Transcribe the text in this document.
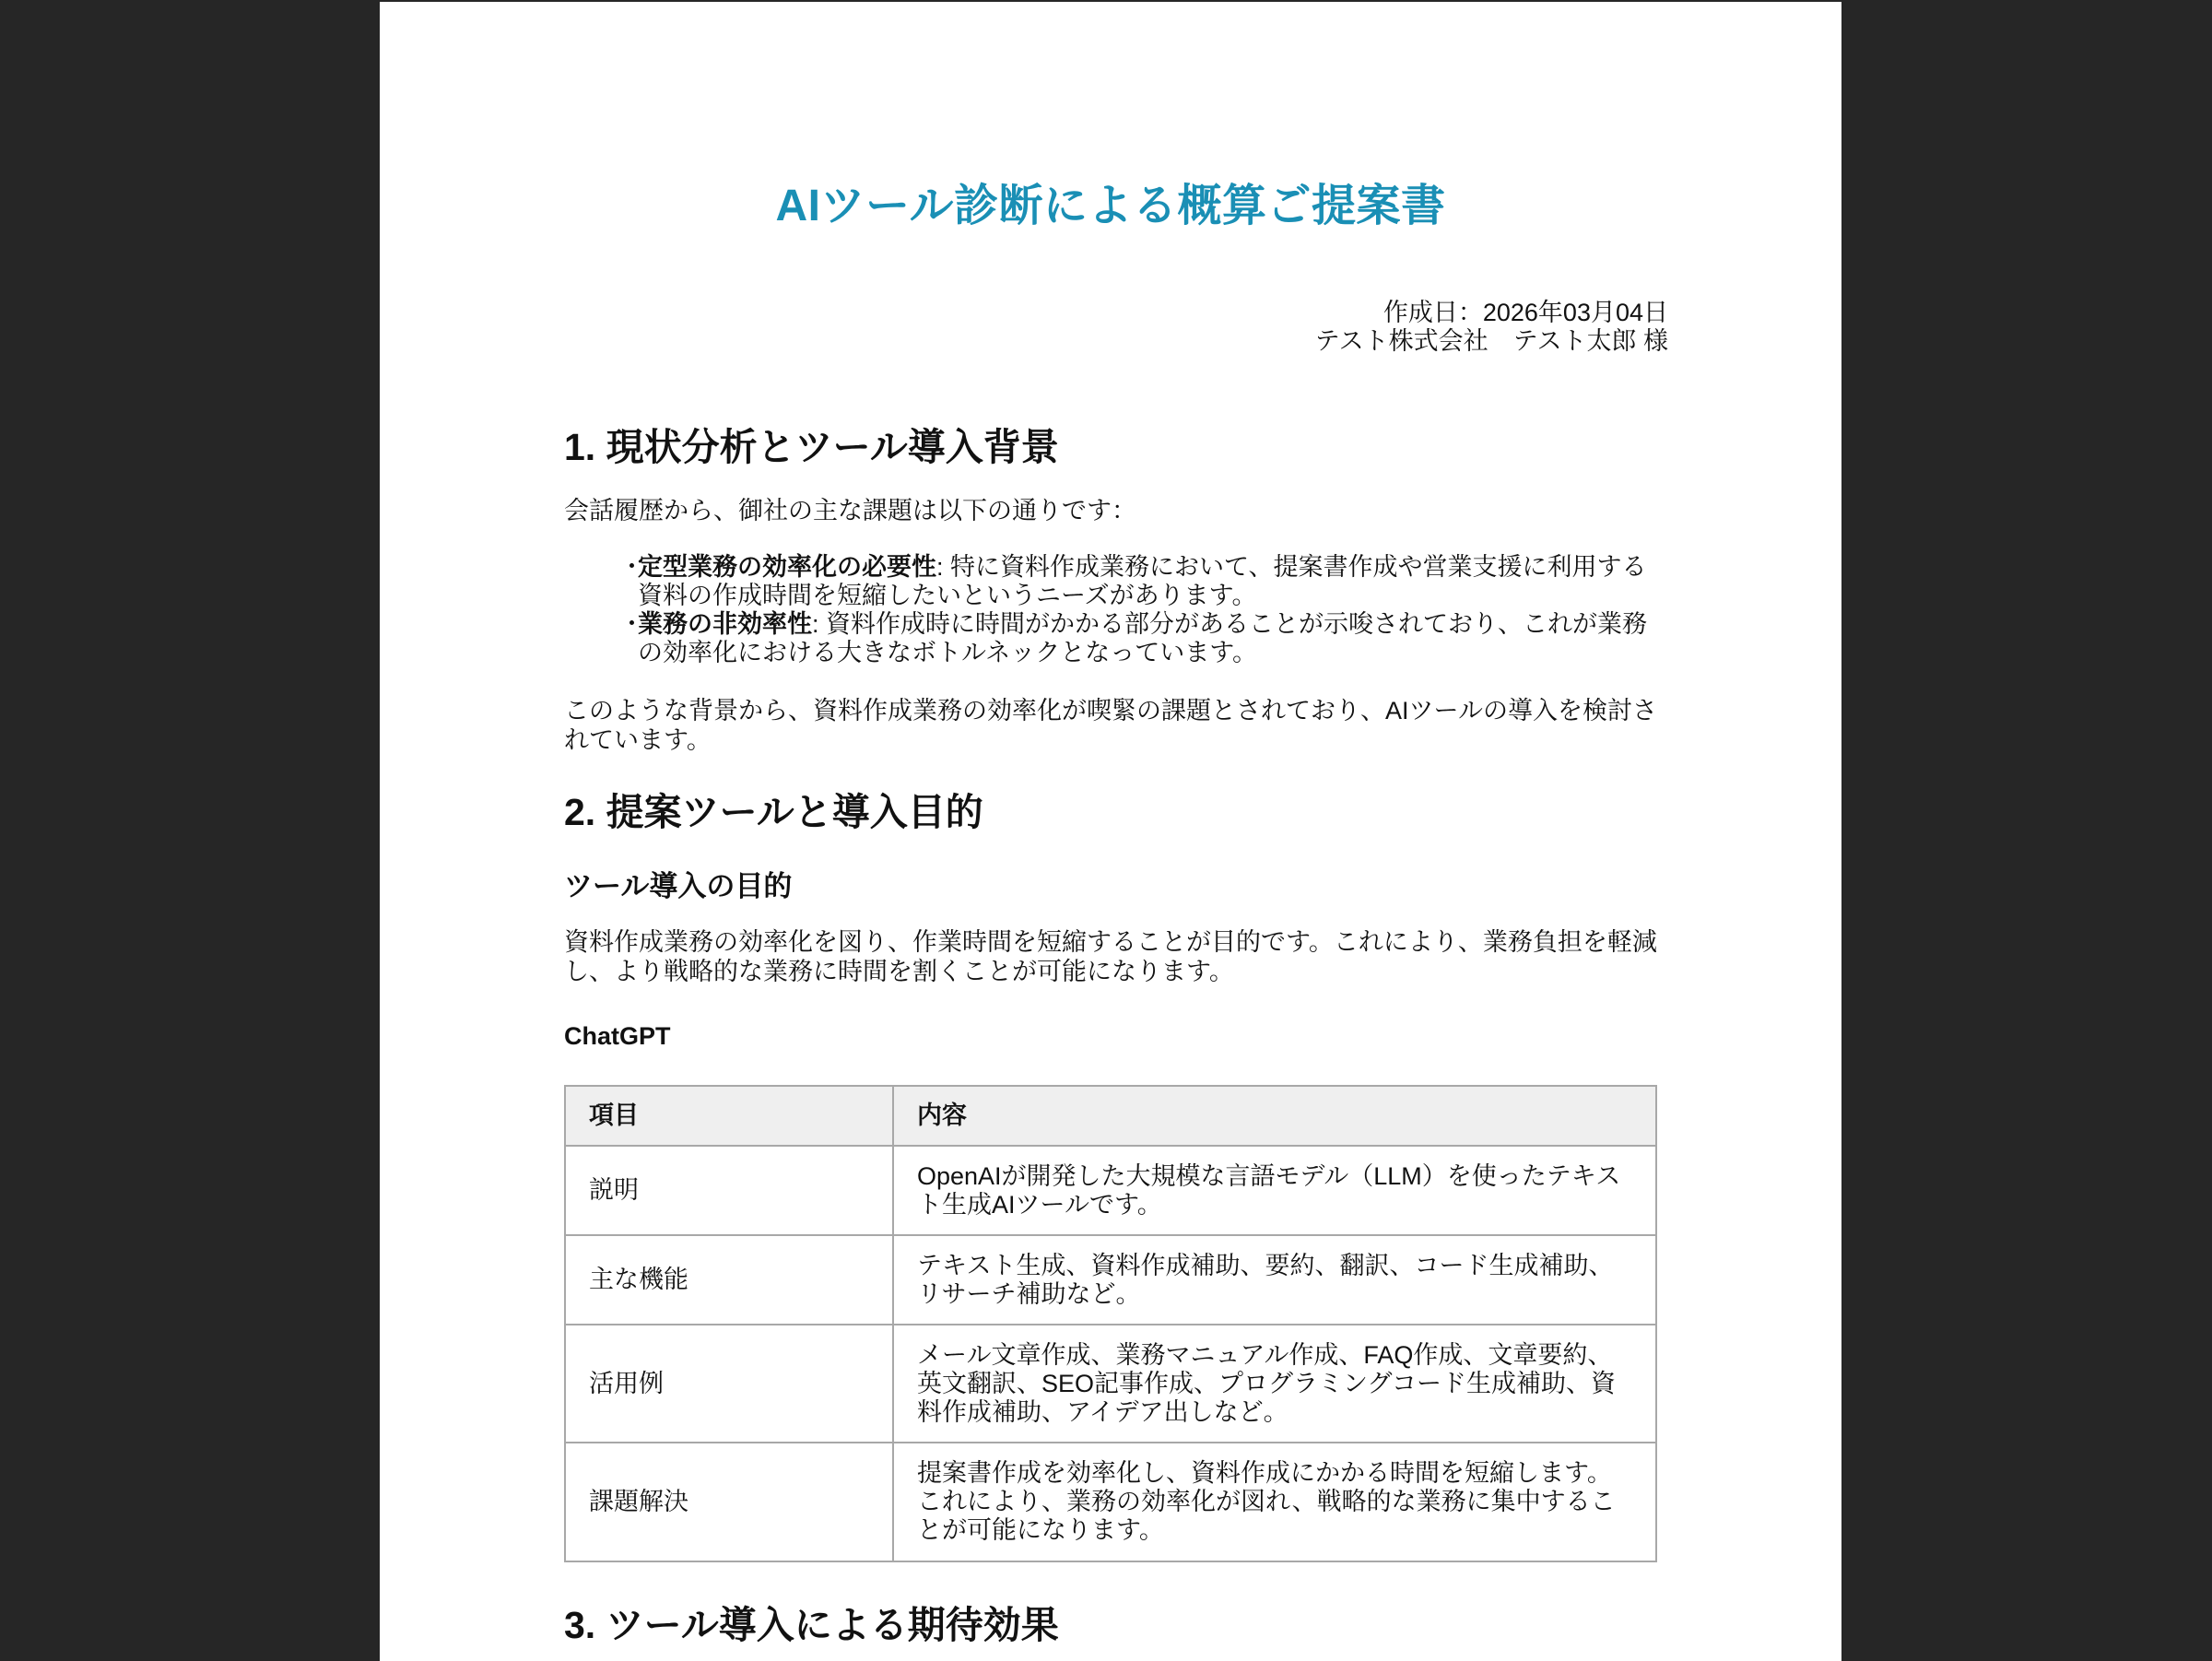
AIツール診断による概算ご提案書
作成日：2026年03月04日
テスト株式会社　テスト太郎 様
1. 現状分析とツール導入背景

会話履歴から、御社の主な課題は以下の通りです：

・
定型業務の効率化の必要性: 特に資料作成業務において、提案書作成や営業支援に利用する資料の作成時間を短縮したいというニーズがあります。
・
業務の非効率性: 資料作成時に時間がかかる部分があることが示唆されており、これが業務の効率化における大きなボトルネックとなっています。

このような背景から、資料作成業務の効率化が喫緊の課題とされており、AIツールの導入を検討されています。

2. 提案ツールと導入目的
ツール導入の目的

資料作成業務の効率化を図り、作業時間を短縮することが目的です。これにより、業務負担を軽減し、より戦略的な業務に時間を割くことが可能になります。

ChatGPT
項目	内容
説明	OpenAIが開発した大規模な言語モデル（LLM）を使ったテキスト生成AIツールです。
主な機能	テキスト生成、資料作成補助、要約、翻訳、コード生成補助、リサーチ補助など。
活用例	メール文章作成、業務マニュアル作成、FAQ作成、文章要約、英文翻訳、SEO記事作成、プログラミングコード生成補助、資料作成補助、アイデア出しなど。
課題解決	提案書作成を効率化し、資料作成にかかる時間を短縮します。これにより、業務の効率化が図れ、戦略的な業務に集中することが可能になります。
3. ツール導入による期待効果
